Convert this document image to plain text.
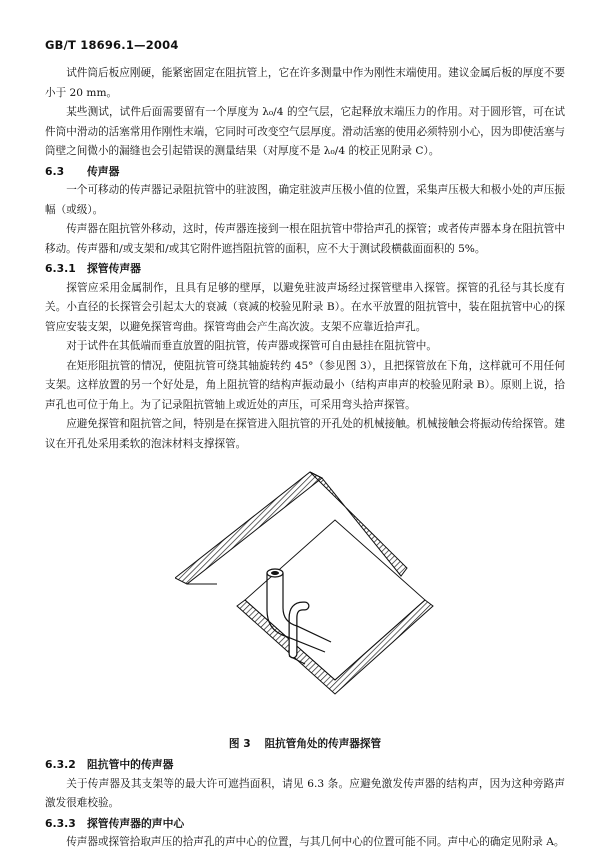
GB/T 18696.1—2004

试件筒后板应刚硬，能紧密固定在阻抗管上，它在许多测量中作为刚性末端使用。建议金属后板的厚度不要小于 20 mm。

某些测试，试件后面需要留有一个厚度为 λ₀/4 的空气层，它起释放末端压力的作用。对于圆形管，可在试件筒中滑动的活塞常用作刚性末端，它同时可改变空气层厚度。滑动活塞的使用必须特别小心，因为即使活塞与筒壁之间微小的漏缝也会引起错误的测量结果（对厚度不是 λ₀/4 的校正见附录 C）。

6.3 传声器

一个可移动的传声器记录阻抗管中的驻波图，确定驻波声压极小值的位置，采集声压极大和极小处的声压振幅（或级）。

传声器在阻抗管外移动，这时，传声器连接到一根在阻抗管中带拾声孔的探管；或者传声器本身在阻抗管中移动。传声器和/或支架和/或其它附件遮挡阻抗管的面积，应不大于测试段横截面面积的 5%。

6.3.1 探管传声器

探管应采用金属制作，且具有足够的壁厚，以避免驻波声场经过探管壁串入探管。探管的孔径与其长度有关。小直径的长探管会引起太大的衰减（衰减的校验见附录 B）。在水平放置的阻抗管中，装在阻抗管中心的探管应安装支架，以避免探管弯曲。探管弯曲会产生高次波。支架不应靠近拾声孔。

对于试件在其低端而垂直放置的阻抗管，传声器或探管可自由悬挂在阻抗管中。

在矩形阻抗管的情况，使阻抗管可绕其轴旋转约 45°（参见图 3），且把探管放在下角，这样就可不用任何支架。这样放置的另一个好处是，角上阻抗管的结构声振动最小（结构声串声的校验见附录 B）。原则上说，拾声孔也可位于角上。为了记录阻抗管轴上或近处的声压，可采用弯头拾声探管。

应避免探管和阻抗管之间，特别是在探管进入阻抗管的开孔处的机械接触。机械接触会将振动传给探管。建议在开孔处采用柔软的泡沫材料支撑探管。

图 3 阻抗管角处的传声器探管
6.3.2 阻抗管中的传声器

关于传声器及其支架等的最大许可遮挡面积，请见 6.3 条。应避免激发传声器的结构声，因为这种旁路声激发很难校验。

6.3.3 探管传声器的声中心

传声器或探管拾取声压的拾声孔的声中心的位置，与其几何中心的位置可能不同。声中心的确定见附录 A。
